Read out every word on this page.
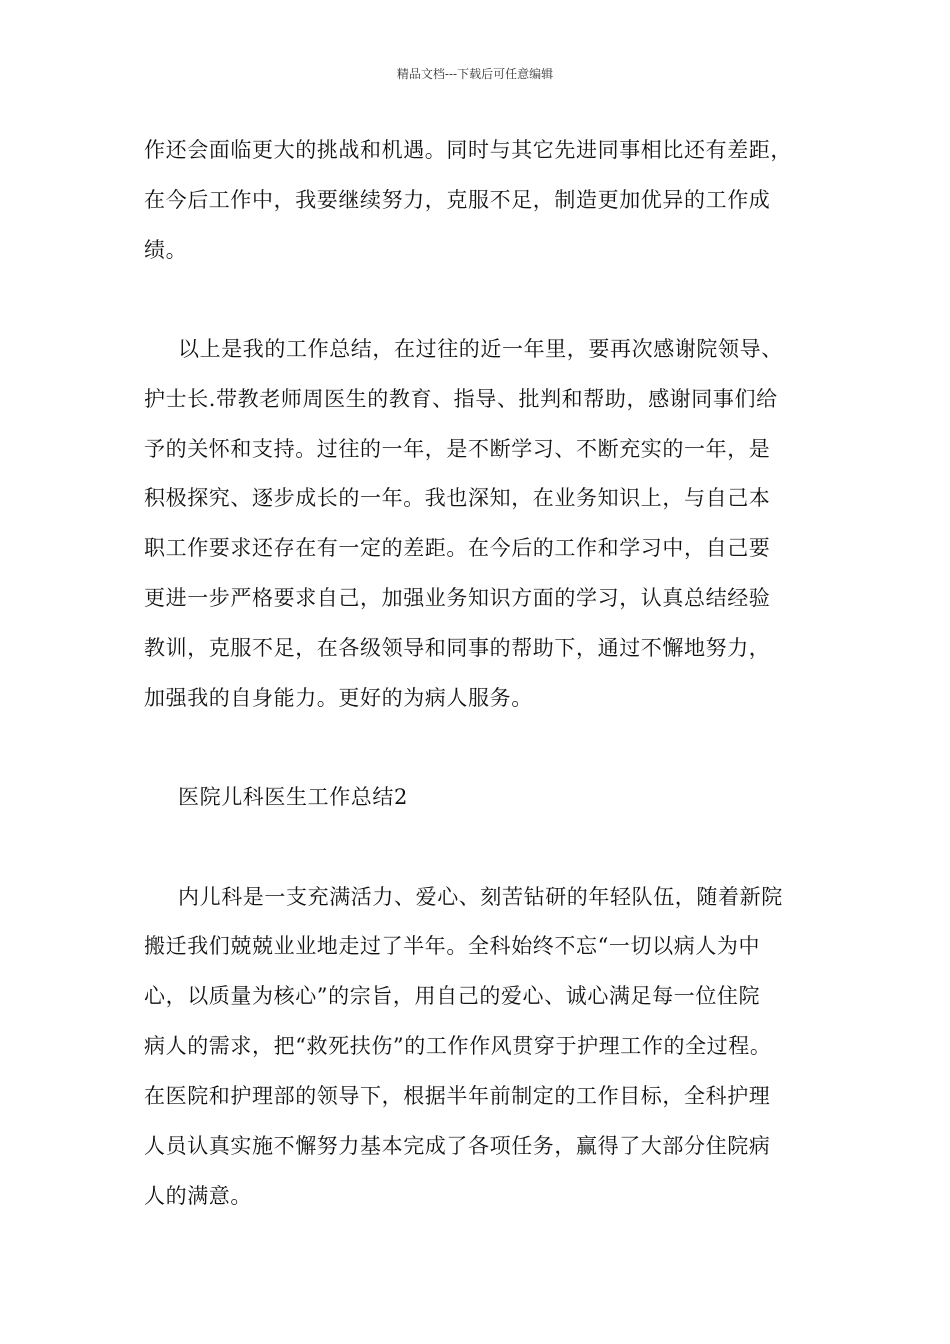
精品文档---下载后可任意编辑
作还会面临更大的挑战和机遇。同时与其它先进同事相比还有差距，
在今后工作中，我要继续努力，克服不足，制造更加优异的工作成
绩。
以上是我的工作总结，在过往的近一年里，要再次感谢院领导、
护士长.带教老师周医生的教育、指导、批判和帮助，感谢同事们给
予的关怀和支持。过往的一年，是不断学习、不断充实的一年，是
积极探究、逐步成长的一年。我也深知，在业务知识上，与自己本
职工作要求还存在有一定的差距。在今后的工作和学习中，自己要
更进一步严格要求自己，加强业务知识方面的学习，认真总结经验
教训，克服不足，在各级领导和同事的帮助下，通过不懈地努力，
加强我的自身能力。更好的为病人服务。
医院儿科医生工作总结2
内儿科是一支充满活力、爱心、刻苦钻研的年轻队伍，随着新院
搬迁我们兢兢业业地走过了半年。全科始终不忘“一切以病人为中
心，以质量为核心”的宗旨，用自己的爱心、诚心满足每一位住院
病人的需求，把“救死扶伤”的工作作风贯穿于护理工作的全过程。
在医院和护理部的领导下，根据半年前制定的工作目标，全科护理
人员认真实施不懈努力基本完成了各项任务，赢得了大部分住院病
人的满意。
